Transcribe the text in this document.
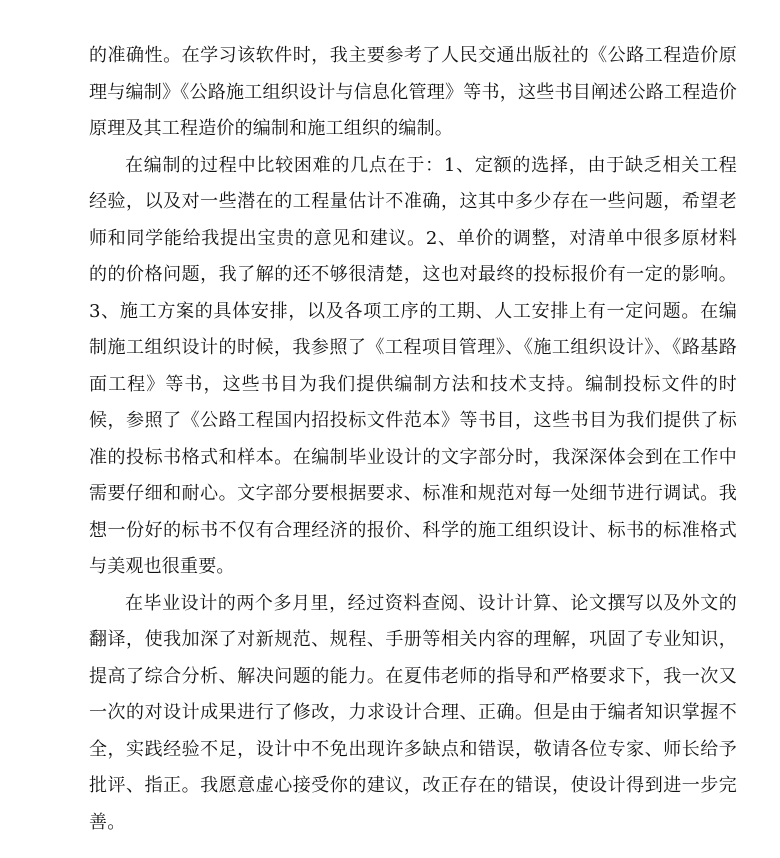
的准确性。在学习该软件时，我主要参考了人民交通出版社的《公路工程造价原理与编制》《公路施工组织设计与信息化管理》等书，这些书目阐述公路工程造价原理及其工程造价的编制和施工组织的编制。

在编制的过程中比较困难的几点在于：1、定额的选择，由于缺乏相关工程经验，以及对一些潜在的工程量估计不准确，这其中多少存在一些问题，希望老师和同学能给我提出宝贵的意见和建议。2、单价的调整，对清单中很多原材料的的价格问题，我了解的还不够很清楚，这也对最终的投标报价有一定的影响。3、施工方案的具体安排，以及各项工序的工期、人工安排上有一定问题。在编制施工组织设计的时候，我参照了《工程项目管理》、《施工组织设计》、《路基路面工程》等书，这些书目为我们提供编制方法和技术支持。编制投标文件的时候，参照了《公路工程国内招投标文件范本》等书目，这些书目为我们提供了标准的投标书格式和样本。在编制毕业设计的文字部分时，我深深体会到在工作中需要仔细和耐心。文字部分要根据要求、标准和规范对每一处细节进行调试。我想一份好的标书不仅有合理经济的报价、科学的施工组织设计、标书的标准格式与美观也很重要。

在毕业设计的两个多月里，经过资料查阅、设计计算、论文撰写以及外文的翻译，使我加深了对新规范、规程、手册等相关内容的理解，巩固了专业知识，提高了综合分析、解决问题的能力。在夏伟老师的指导和严格要求下，我一次又一次的对设计成果进行了修改，力求设计合理、正确。但是由于编者知识掌握不全，实践经验不足，设计中不免出现许多缺点和错误，敬请各位专家、师长给予批评、指正。我愿意虚心接受你的建议，改正存在的错误，使设计得到进一步完善。
